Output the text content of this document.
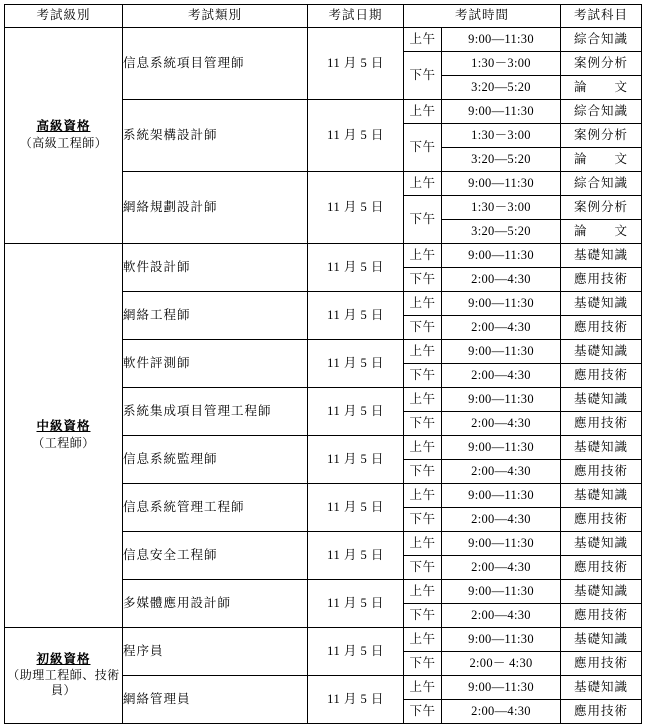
考試級別	考試類別	考試日期	考試時間		考試科目

高級資格
（高級工程師）	信息系統項目管理師	11 月 5 日	上午	9:00—11:30	綜合知識
			下午	1:30－3:00	案例分析
				3:20—5:20	論　　文
	系統架構設計師	11 月 5 日	上午	9:00—11:30	綜合知識
			下午	1:30－3:00	案例分析
				3:20—5:20	論　　文
	網絡規劃設計師	11 月 5 日	上午	9:00—11:30	綜合知識
			下午	1:30－3:00	案例分析
				3:20—5:20	論　　文

中級資格
（工程師）	軟件設計師	11 月 5 日	上午	9:00—11:30	基礎知識
			下午	2:00—4:30	應用技術
	網絡工程師	11 月 5 日	上午	9:00—11:30	基礎知識
			下午	2:00—4:30	應用技術
	軟件評測師	11 月 5 日	上午	9:00—11:30	基礎知識
			下午	2:00—4:30	應用技術
	系統集成項目管理工程師	11 月 5 日	上午	9:00—11:30	基礎知識
			下午	2:00—4:30	應用技術
	信息系統監理師	11 月 5 日	上午	9:00—11:30	基礎知識
			下午	2:00—4:30	應用技術
	信息系統管理工程師	11 月 5 日	上午	9:00—11:30	基礎知識
			下午	2:00—4:30	應用技術
	信息安全工程師	11 月 5 日	上午	9:00—11:30	基礎知識
			下午	2:00—4:30	應用技術
	多媒體應用設計師	11 月 5 日	上午	9:00—11:30	基礎知識
			下午	2:00—4:30	應用技術

初級資格
（助理工程師、技術員）	程序員	11 月 5 日	上午	9:00—11:30	基礎知識
			下午	2:00－ 4:30	應用技術
	網絡管理員	11 月 5 日	上午	9:00—11:30	基礎知識
			下午	2:00—4:30	應用技術
